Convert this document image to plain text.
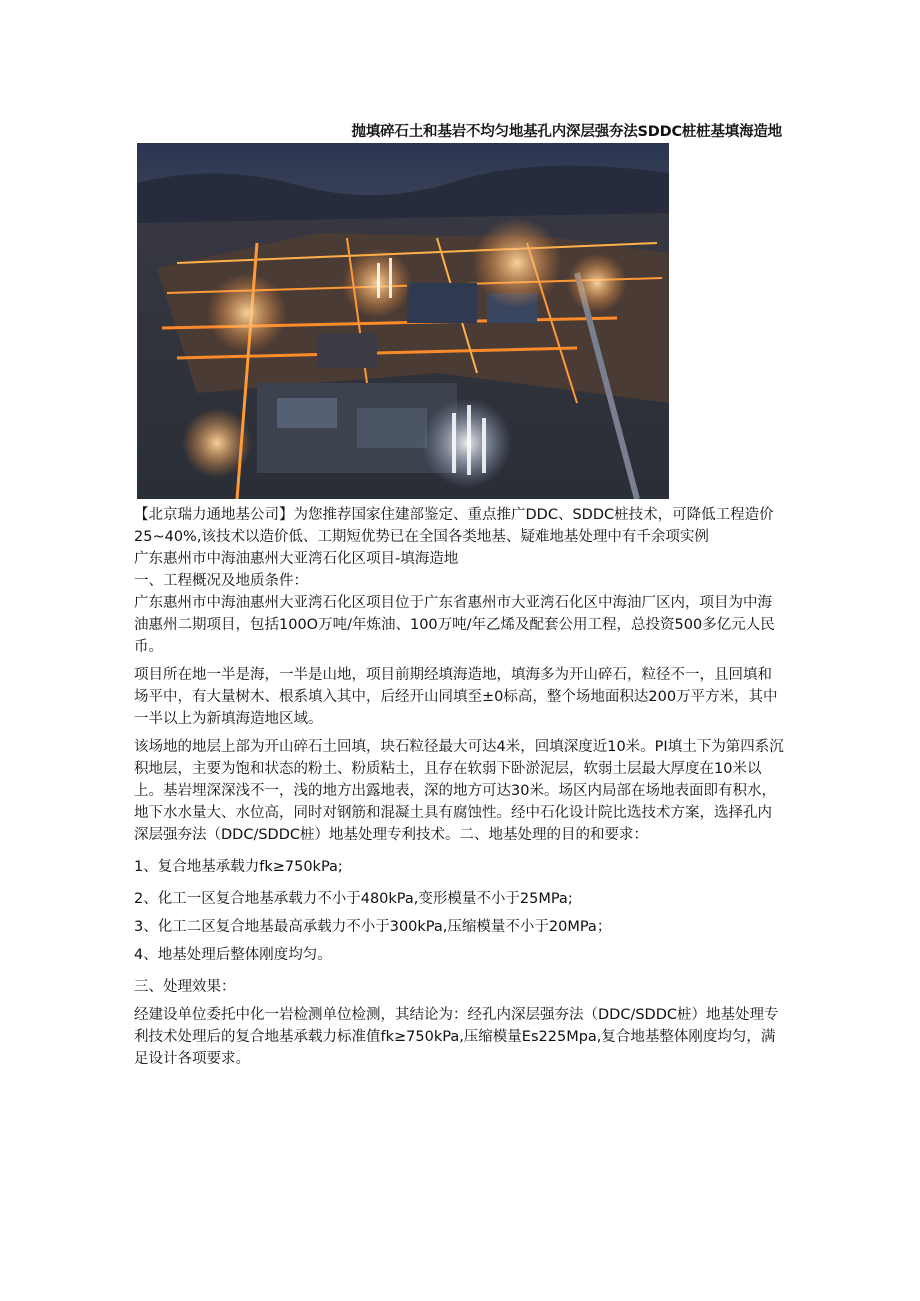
抛填碎石土和基岩不均匀地基孔内深层强夯法SDDC桩桩基填海造地

【北京瑞力通地基公司】为您推荐国家住建部鉴定、重点推广DDC、SDDC桩技术，可降低工程造价25~40%,该技术以造价低、工期短优势已在全国各类地基、疑难地基处理中有千余项实例

广东惠州市中海油惠州大亚湾石化区项目-填海造地

一、工程概况及地质条件：

广东惠州市中海油惠州大亚湾石化区项目位于广东省惠州市大亚湾石化区中海油厂区内，项目为中海油惠州二期项目，包括100O万吨/年炼油、100万吨/年乙烯及配套公用工程，总投资500多亿元人民币。

项目所在地一半是海，一半是山地，项目前期经填海造地，填海多为开山碎石，粒径不一，且回填和场平中，有大量树木、根系填入其中，后经开山同填至±0标高，整个场地面积达200万平方米，其中一半以上为新填海造地区域。

该场地的地层上部为开山碎石土回填，块石粒径最大可达4米，回填深度近10米。PI填土下为第四系沉积地层，主要为饱和状态的粉土、粉质粘土，且存在软弱下卧淤泥层，软弱土层最大厚度在10米以上。基岩埋深深浅不一，浅的地方出露地表，深的地方可达30米。场区内局部在场地表面即有积水，地下水水量大、水位高，同时对钢筋和混凝土具有腐蚀性。经中石化设计院比选技术方案，选择孔内深层强夯法（DDC/SDDC桩）地基处理专利技术。二、地基处理的目的和要求：

1、复合地基承载力fk≥750kPa;

2、化工一区复合地基承载力不小于480kPa,变形模量不小于25MPa;

3、化工二区复合地基最高承载力不小于300kPa,压缩模量不小于20MPa；

4、地基处理后整体刚度均匀。

三、处理效果：

经建设单位委托中化一岩检测单位检测，其结论为：经孔内深层强夯法（DDC/SDDC桩）地基处理专利技术处理后的复合地基承载力标准值fk≥750kPa,压缩模量Es225Mpa,复合地基整体刚度均匀，满足设计各项要求。
